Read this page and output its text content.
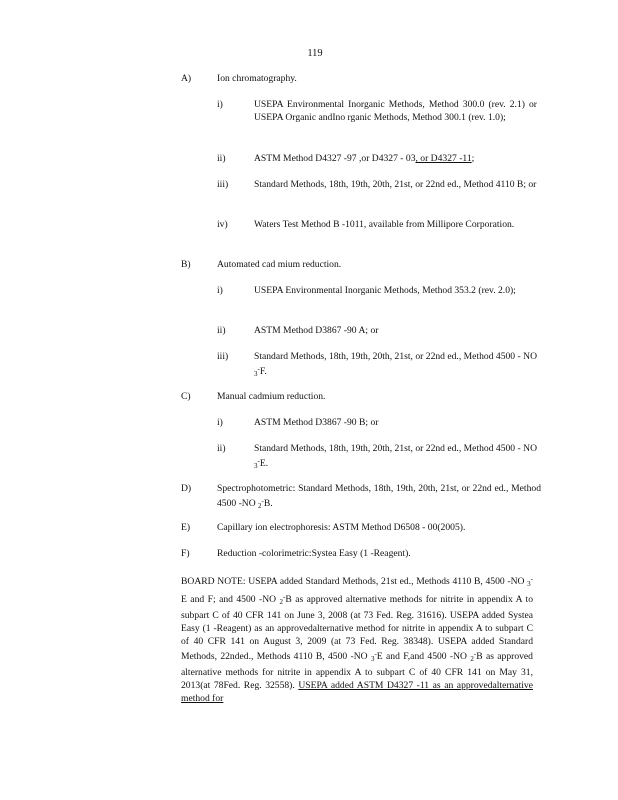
119
A)	Ion chromatography.
i)	USEPA Environmental Inorganic Methods, Method 300.0 (rev. 2.1) or USEPA Organic andIno rganic Methods, Method 300.1 (rev. 1.0);
ii)	ASTM Method D4327 -97 ,or D4327 - 03, or D4327 -11;
iii)	Standard Methods, 18th, 19th, 20th, 21st, or 22nd ed., Method 4110 B; or
iv)	Waters Test Method B -1011, available from Millipore Corporation.
B)	Automated cad mium reduction.
i)	USEPA Environmental Inorganic Methods, Method 353.2 (rev. 2.0);
ii)	ASTM Method D3867 -90 A; or
iii)	Standard Methods, 18th, 19th, 20th, 21st, or 22nd ed., Method 4500 - NO $_3$-F.
C)	Manual cadmium reduction.
i)	ASTM Method D3867 -90 B; or
ii)	Standard Methods, 18th, 19th, 20th, 21st, or 22nd ed., Method 4500 - NO $_3$-E.
D)	Spectrophotometric: Standard Methods, 18th, 19th, 20th, 21st, or 22nd ed., Method 4500 -NO $_2$-B.
E)	Capillary ion electrophoresis: ASTM Method D6508 - 00(2005).
F)	Reduction -colorimetric:Systea Easy (1 -Reagent).
BOARD NOTE: USEPA added Standard Methods, 21st ed., Methods 4110 B, 4500 -NO $_3$-E and F; and 4500 -NO $_2$-B as approved alternative methods for nitrite in appendix A to subpart C of 40 CFR 141 on June 3, 2008 (at 73 Fed. Reg. 31616). USEPA added Systea Easy (1 -Reagent) as an approvedalternative method for nitrite in appendix A to subpart C of 40 CFR 141 on August 3, 2009 (at 73 Fed. Reg. 38348). USEPA added Standard Methods, 22nded., Methods 4110 B, 4500 -NO $_3$-E and F,and 4500 -NO $_2$-B as approved alternative methods for nitrite in appendix A to subpart C of 40 CFR 141 on May 31, 2013(at 78Fed. Reg. 32558). USEPA added ASTM D4327 -11 as an approvedalternative method for
